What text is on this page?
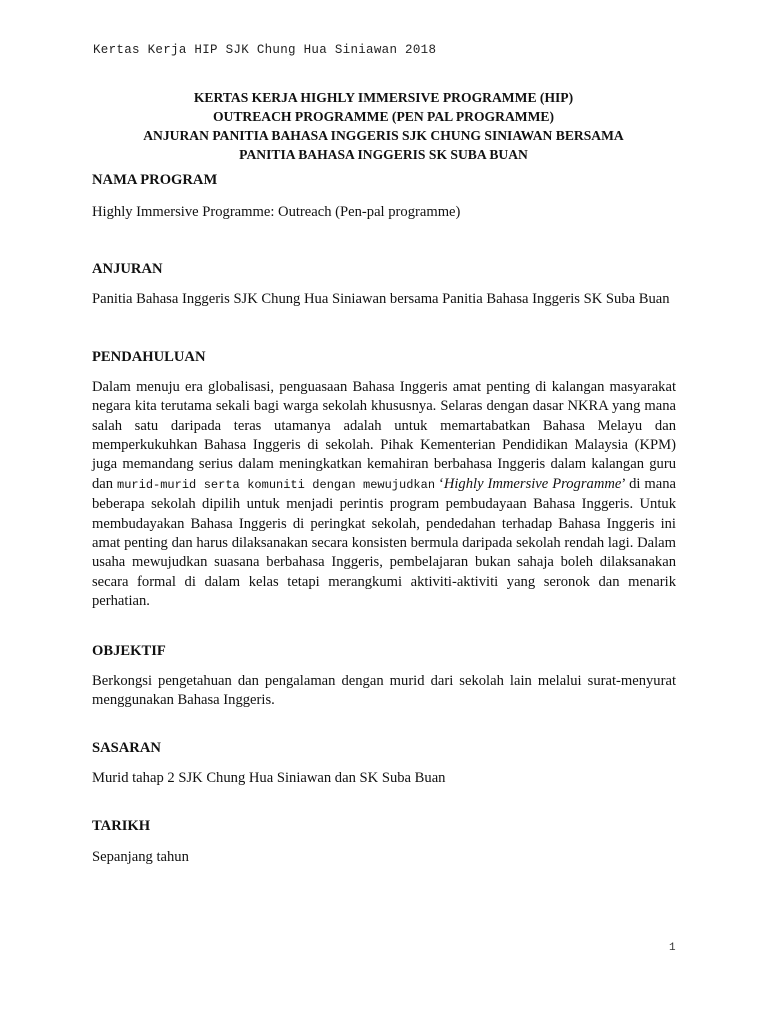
Kertas Kerja HIP SJK Chung Hua Siniawan 2018
KERTAS KERJA HIGHLY IMMERSIVE PROGRAMME (HIP)
OUTREACH PROGRAMME (PEN PAL PROGRAMME)
ANJURAN PANITIA BAHASA INGGERIS SJK CHUNG SINIAWAN BERSAMA
PANITIA BAHASA INGGERIS SK SUBA BUAN
NAMA PROGRAM

Highly Immersive Programme: Outreach (Pen-pal programme)

ANJURAN

Panitia Bahasa Inggeris SJK Chung Hua Siniawan bersama Panitia Bahasa Inggeris SK Suba Buan

PENDAHULUAN

Dalam menuju era globalisasi, penguasaan Bahasa Inggeris amat penting di kalangan masyarakat negara kita terutama sekali bagi warga sekolah khususnya. Selaras dengan dasar NKRA yang mana salah satu daripada teras utamanya adalah untuk memartabatkan Bahasa Melayu dan memperkukuhkan Bahasa Inggeris di sekolah. Pihak Kementerian Pendidikan Malaysia (KPM) juga memandang serius dalam meningkatkan kemahiran berbahasa Inggeris dalam kalangan guru dan murid-murid serta komuniti dengan mewujudkan ‘Highly Immersive Programme’ di mana beberapa sekolah dipilih untuk menjadi perintis program pembudayaan Bahasa Inggeris. Untuk membudayakan Bahasa Inggeris di peringkat sekolah, pendedahan terhadap Bahasa Inggeris ini amat penting dan harus dilaksanakan secara konsisten bermula daripada sekolah rendah lagi. Dalam usaha mewujudkan suasana berbahasa Inggeris, pembelajaran bukan sahaja boleh dilaksanakan secara formal di dalam kelas tetapi merangkumi aktiviti-aktiviti yang seronok dan menarik perhatian.

OBJEKTIF

Berkongsi pengetahuan dan pengalaman dengan murid dari sekolah lain melalui surat-menyurat menggunakan Bahasa Inggeris.

SASARAN

Murid tahap 2 SJK Chung Hua Siniawan dan SK Suba Buan

TARIKH

Sepanjang tahun

1
